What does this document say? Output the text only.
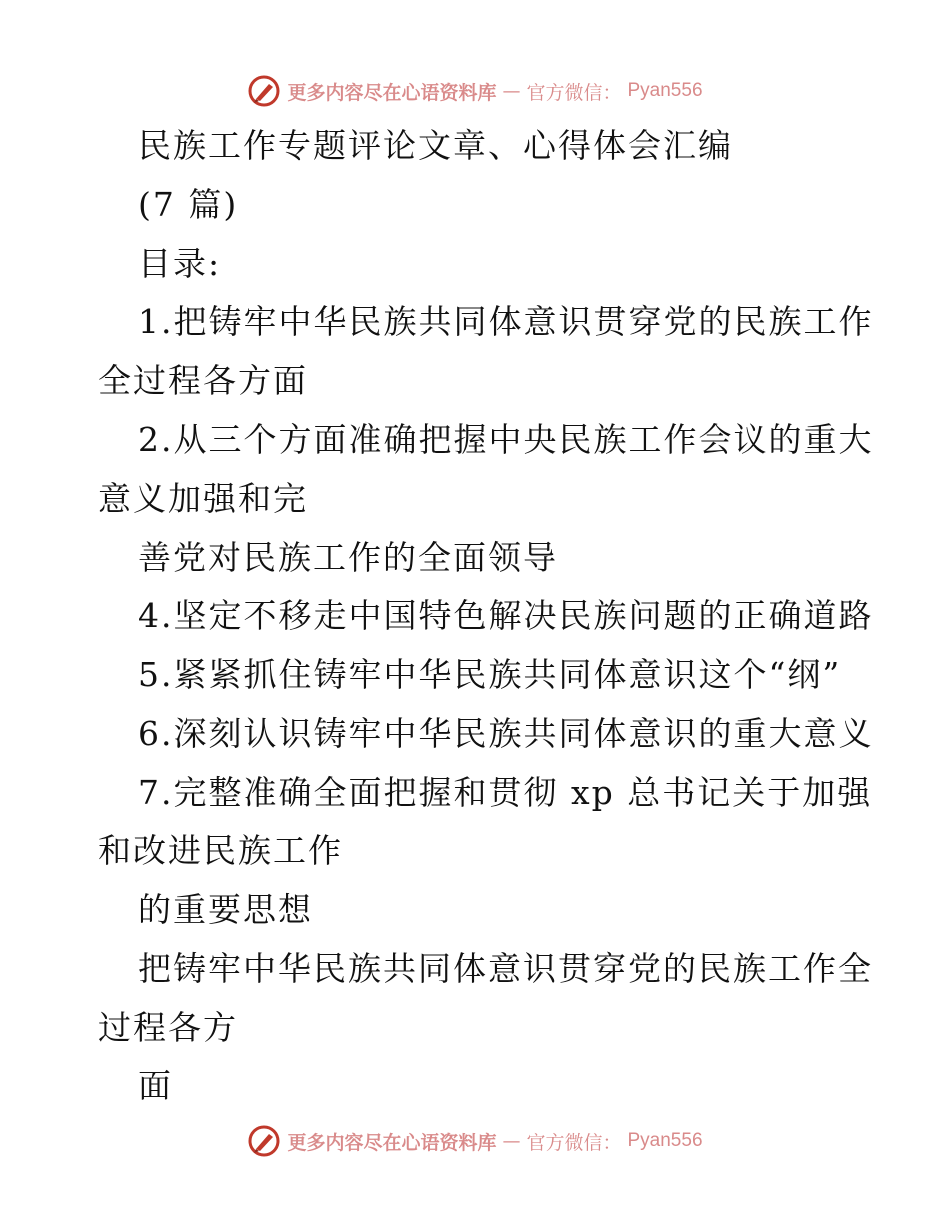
更多内容尽在心语资料库 — 官方微信： Pyan556
民族工作专题评论文章、心得体会汇编
(7 篇)
目录:
1.把铸牢中华民族共同体意识贯穿党的民族工作
全过程各方面
2.从三个方面准确把握中央民族工作会议的重大
意义加强和完
善党对民族工作的全面领导
4.坚定不移走中国特色解决民族问题的正确道路
5.紧紧抓住铸牢中华民族共同体意识这个“纲”
6.深刻认识铸牢中华民族共同体意识的重大意义
7.完整准确全面把握和贯彻 xp 总书记关于加强
和改进民族工作
的重要思想
把铸牢中华民族共同体意识贯穿党的民族工作全
过程各方
面
更多内容尽在心语资料库 — 官方微信： Pyan556
